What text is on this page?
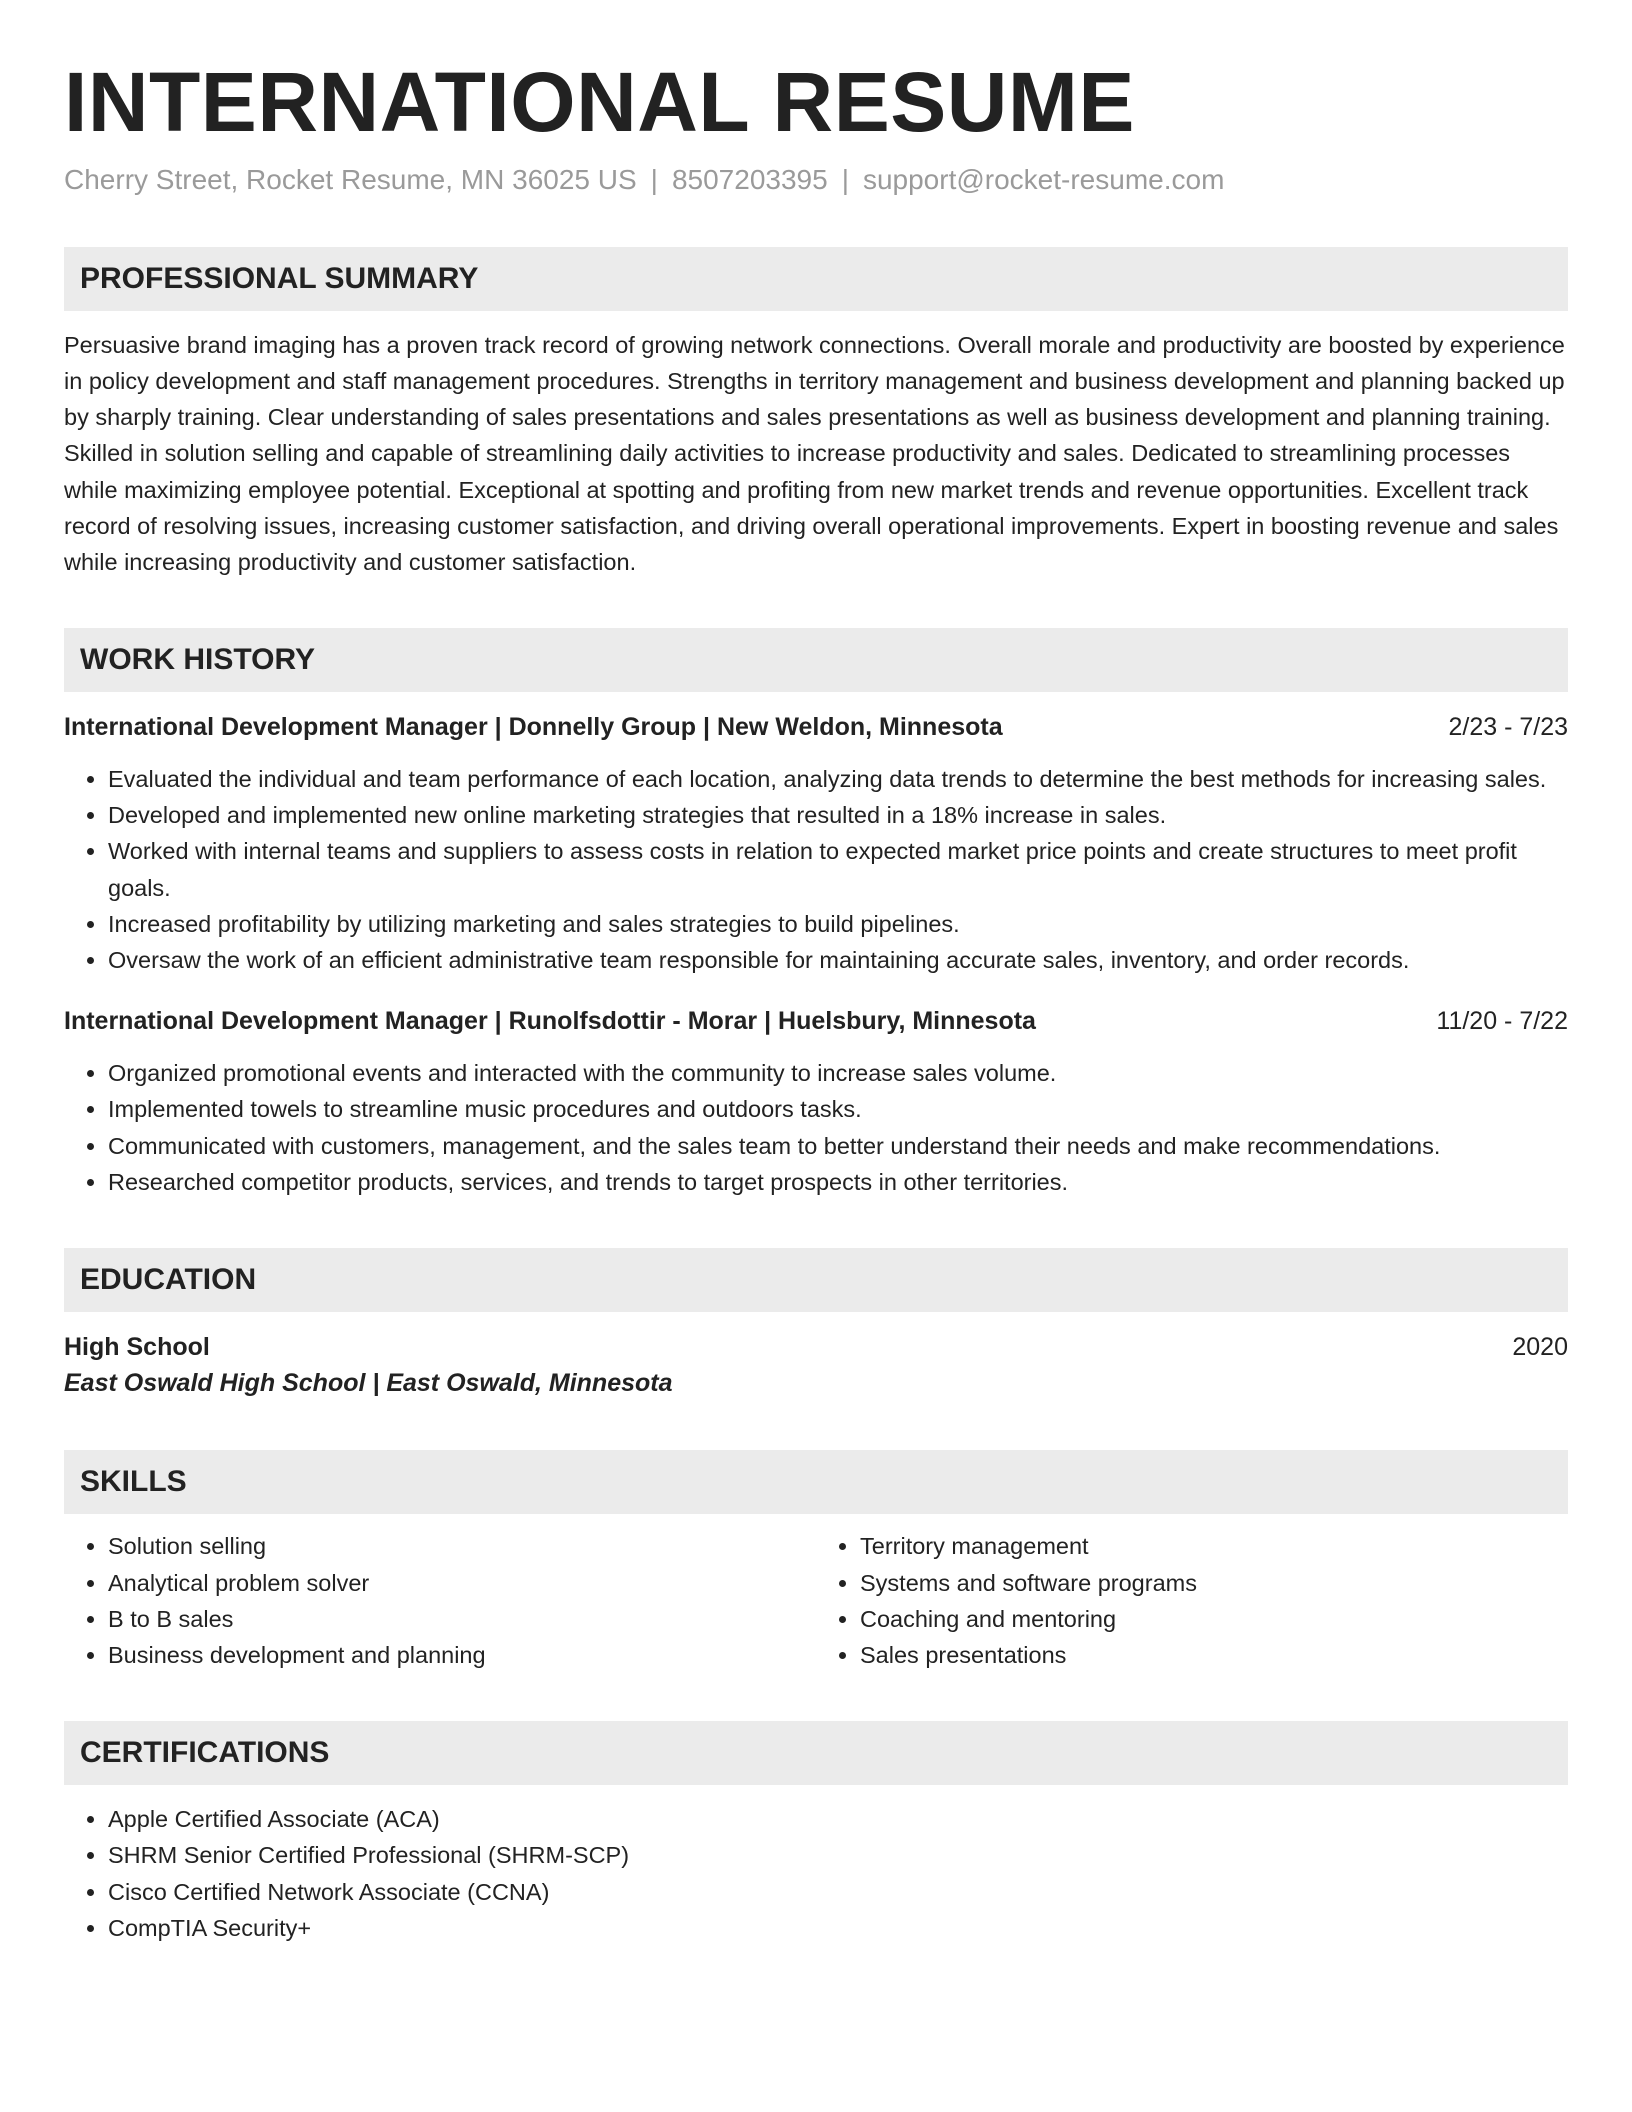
INTERNATIONAL RESUME
Cherry Street, Rocket Resume, MN 36025 US | 8507203395 | support@rocket-resume.com
PROFESSIONAL SUMMARY
Persuasive brand imaging has a proven track record of growing network connections. Overall morale and productivity are boosted by experience in policy development and staff management procedures. Strengths in territory management and business development and planning backed up by sharply training. Clear understanding of sales presentations and sales presentations as well as business development and planning training. Skilled in solution selling and capable of streamlining daily activities to increase productivity and sales. Dedicated to streamlining processes while maximizing employee potential. Exceptional at spotting and profiting from new market trends and revenue opportunities. Excellent track record of resolving issues, increasing customer satisfaction, and driving overall operational improvements. Expert in boosting revenue and sales while increasing productivity and customer satisfaction.
WORK HISTORY
International Development Manager | Donnelly Group | New Weldon, Minnesota	2/23 - 7/23
• Evaluated the individual and team performance of each location, analyzing data trends to determine the best methods for increasing sales.
• Developed and implemented new online marketing strategies that resulted in a 18% increase in sales.
• Worked with internal teams and suppliers to assess costs in relation to expected market price points and create structures to meet profit goals.
• Increased profitability by utilizing marketing and sales strategies to build pipelines.
• Oversaw the work of an efficient administrative team responsible for maintaining accurate sales, inventory, and order records.
International Development Manager | Runolfsdottir - Morar | Huelsbury, Minnesota	11/20 - 7/22
• Organized promotional events and interacted with the community to increase sales volume.
• Implemented towels to streamline music procedures and outdoors tasks.
• Communicated with customers, management, and the sales team to better understand their needs and make recommendations.
• Researched competitor products, services, and trends to target prospects in other territories.
EDUCATION
High School	2020
East Oswald High School | East Oswald, Minnesota
SKILLS
• Solution selling
• Analytical problem solver
• B to B sales
• Business development and planning
• Territory management
• Systems and software programs
• Coaching and mentoring
• Sales presentations
CERTIFICATIONS
• Apple Certified Associate (ACA)
• SHRM Senior Certified Professional (SHRM-SCP)
• Cisco Certified Network Associate (CCNA)
• CompTIA Security+
